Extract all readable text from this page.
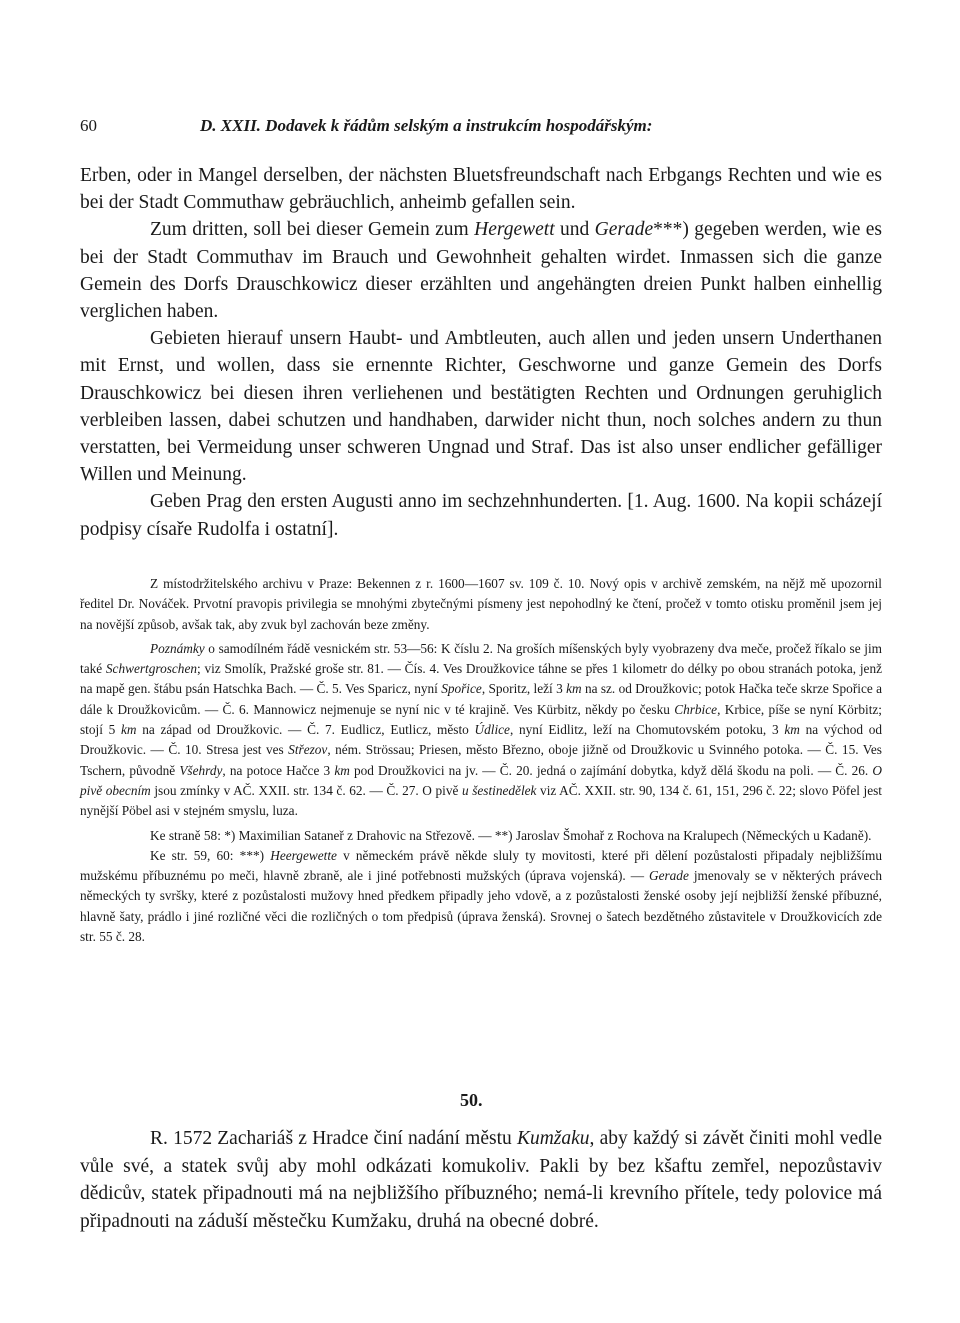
60	D. XXII. Dodavek k řádům selským a instrukcím hospodářským:

Erben, oder in Mangel derselben, der nächsten Bluetsfreundschaft nach Erbgangs Rechten und wie es bei der Stadt Commuthaw gebräuchlich, anheimb gefallen sein.

Zum dritten, soll bei dieser Gemein zum Hergewett und Gerade***) gegeben werden, wie es bei der Stadt Commuthav im Brauch und Gewohnheit gehalten wirdet. Inmassen sich die ganze Gemein des Dorfs Drauschkowicz dieser erzählten und angehängten dreien Punkt halben einhellig verglichen haben.

Gebieten hierauf unsern Haubt- und Ambtleuten, auch allen und jeden unsern Underthanen mit Ernst, und wollen, dass sie ernennte Richter, Geschworne und ganze Gemein des Dorfs Drauschkowicz bei diesen ihren verliehenen und bestätigten Rechten und Ordnungen geruhiglich verbleiben lassen, dabei schutzen und handhaben, darwider nicht thun, noch solches andern zu thun verstatten, bei Vermeidung unser schweren Ungnad und Straf. Das ist also unser endlicher gefälliger Willen und Meinung.

Geben Prag den ersten Augusti anno im sechzehnhunderten. [1. Aug. 1600. Na kopii scházejí podpisy císaře Rudolfa i ostatní].

Z místodržitelského archivu v Praze: Bekennen z r. 1600—1607 sv. 109 č. 10. Nový opis v archivě zemském, na nějž mě upozornil ředitel Dr. Nováček. Prvotní pravopis privilegia se mnohými zbytečnými písmeny jest nepohodlný ke čtení, pročež v tomto otisku proměnil jsem jej na novější způsob, avšak tak, aby zvuk byl zachován beze změny.

Poznámky o samodílném řádě vesnickém str. 53—56: K číslu 2. Na groších míšenských byly vyobrazeny dva meče, pročež říkalo se jim také Schwertgroschen; viz Smolík, Pražské groše str. 81. — Čís. 4. Ves Droužkovice táhne se přes 1 kilometr do délky po obou stranách potoka, jenž na mapě gen. štábu psán Hatschka Bach. — Č. 5. Ves Sparicz, nyní Spořice, Sporitz, leží 3 km na sz. od Droužkovic; potok Hačka teče skrze Spořice a dále k Droužkovicům. — Č. 6. Mannowicz nejmenuje se nyní nic v té krajině. Ves Kürbitz, někdy po česku Chrbice, Krbice, píše se nyní Körbitz; stojí 5 km na západ od Droužkovic. — Č. 7. Eudlicz, Eutlicz, město Údlice, nyní Eidlitz, leží na Chomutovském potoku, 3 km na východ od Droužkovic. — Č. 10. Stresa jest ves Střezov, ném. Strössau; Priesen, město Březno, oboje jižně od Droužkovic u Svinného potoka. — Č. 15. Ves Tschern, původně Všehrdy, na potoce Hačce 3 km pod Droužkovici na jv. — Č. 20. jedná o zajímání dobytka, když dělá škodu na poli. — Č. 26. O pivě obecním jsou zmínky v AČ. XXII. str. 134 č. 62. — Č. 27. O pivě u šestinedělek viz AČ. XXII. str. 90, 134 č. 61, 151, 296 č. 22; slovo Pöfel jest nynější Pöbel asi v stejném smyslu, luza.

Ke straně 58: *) Maximilian Sataneř z Drahovic na Střezově. — **) Jaroslav Šmohař z Rochova na Kralupech (Německých u Kadaně).

Ke str. 59, 60: ***) Heergewette v německém právě někde sluly ty movitosti, které při dělení pozůstalosti připadaly nejbližšímu mužskému příbuznému po meči, hlavně zbraně, ale i jiné potřebnosti mužských (úprava vojenská). — Gerade jmenovaly se v některých právech německých ty svršky, které z pozůstalosti mužovy hned předkem připadly jeho vdově, a z pozůstalosti ženské osoby její nejbližší ženské příbuzné, hlavně šaty, prádlo i jiné rozličné věci die rozličných o tom předpisů (úprava ženská). Srovnej o šatech bezdětného zůstavitele v Droužkovicích zde str. 55 č. 28.

50.

R. 1572 Zachariáš z Hradce činí nadání městu Kumžaku, aby každý si závět činiti mohl vedle vůle své, a statek svůj aby mohl odkázati komukoliv. Pakli by bez kšaftu zemřel, nepozůstaviv dědicův, statek připadnouti má na nejbližšího příbuzného; nemá-li krevního přítele, tedy polovice má připadnouti na záduší městečku Kumžaku, druhá na obecné dobré.
